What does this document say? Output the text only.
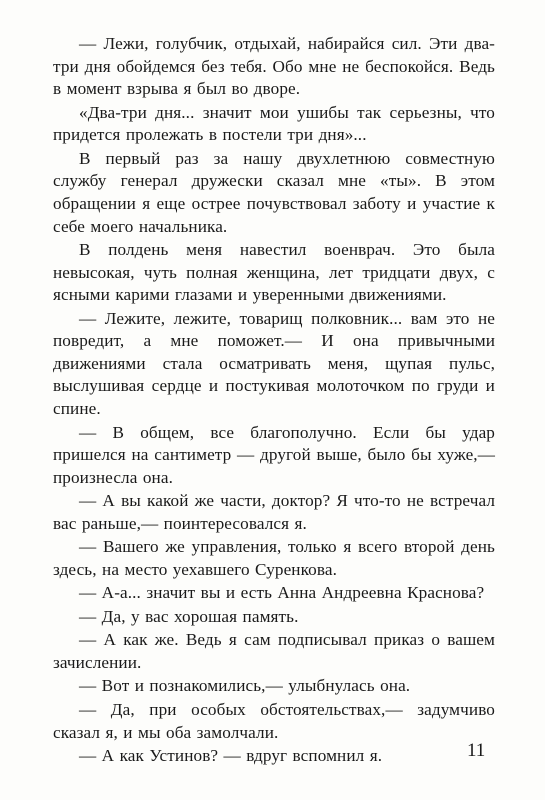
— Лежи, голубчик, отдыхай, набирайся сил. Эти два-три дня обойдемся без тебя. Обо мне не беспокойся. Ведь в момент взрыва я был во дворе.

«Два-три дня... значит мои ушибы так серьезны, что придется пролежать в постели три дня»...

В первый раз за нашу двухлетнюю совместную службу генерал дружески сказал мне «ты». В этом обращении я еще острее почувствовал заботу и участие к себе моего начальника.

В полдень меня навестил военврач. Это была невысокая, чуть полная женщина, лет тридцати двух, с ясными карими глазами и уверенными движениями.

— Лежите, лежите, товарищ полковник... вам это не повредит, а мне поможет.— И она привычными движениями стала осматривать меня, щупая пульс, выслушивая сердце и постукивая молоточком по груди и спине.

— В общем, все благополучно. Если бы удар пришелся на сантиметр — другой выше, было бы хуже,— произнесла она.

— А вы какой же части, доктор? Я что-то не встречал вас раньше,— поинтересовался я.

— Вашего же управления, только я всего второй день здесь, на место уехавшего Суренкова.

— А-а... значит вы и есть Анна Андреевна Краснова?

— Да, у вас хорошая память.

— А как же. Ведь я сам подписывал приказ о вашем зачислении.

— Вот и познакомились,— улыбнулась она.

— Да, при особых обстоятельствах,— задумчиво сказал я, и мы оба замолчали.

— А как Устинов? — вдруг вспомнил я.	11
